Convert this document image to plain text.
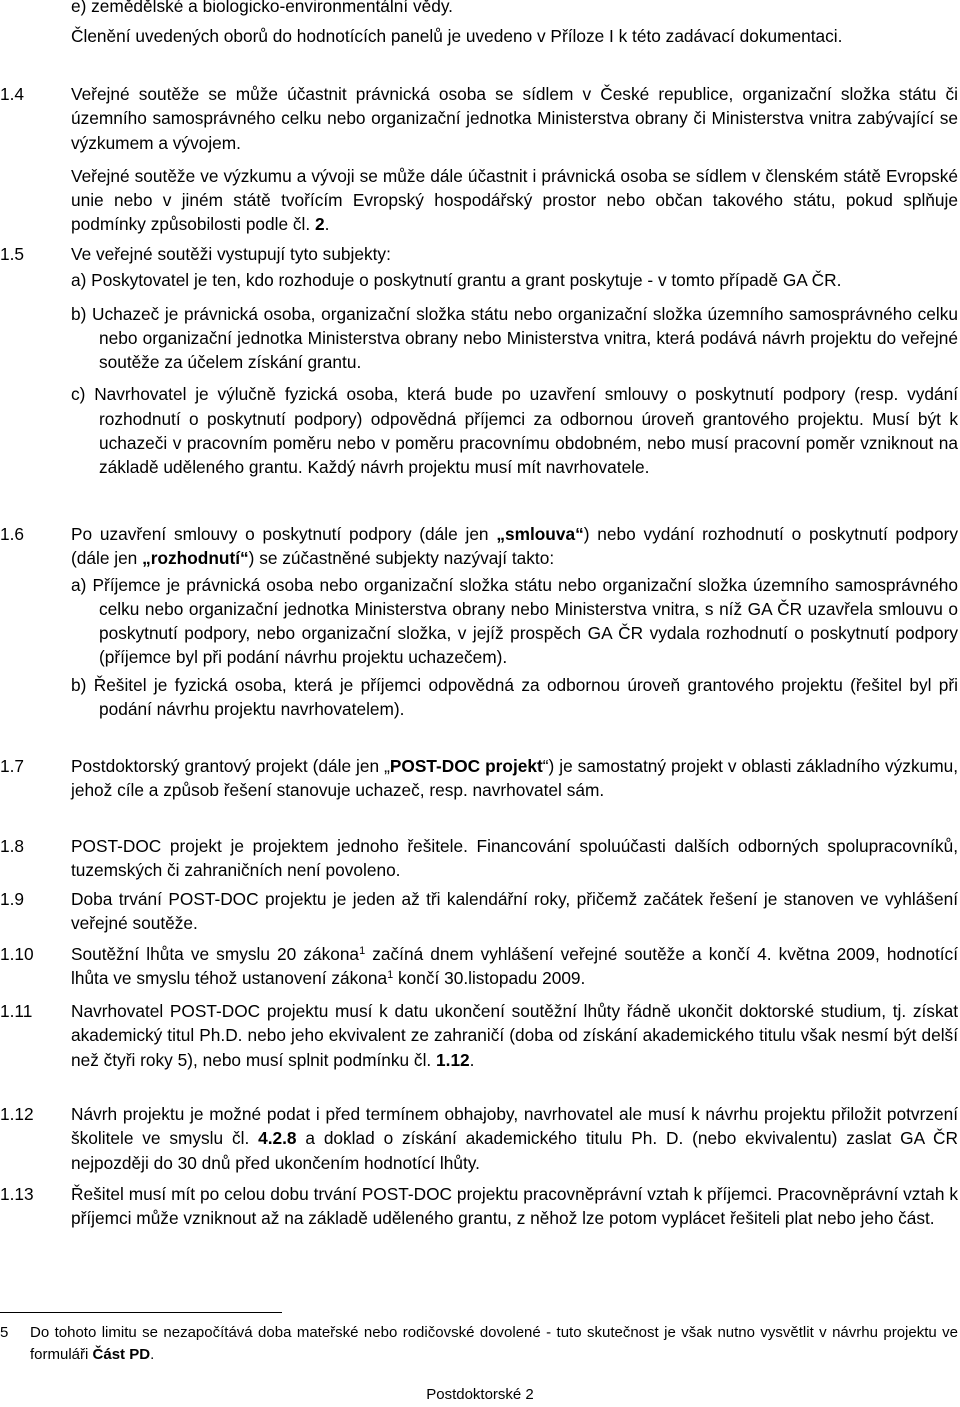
e) zemědělské a biologicko-environmentální vědy.
Členění uvedených oborů do hodnotících panelů je uvedeno v Příloze I k této zadávací dokumentaci.
1.4	Veřejné soutěže se může účastnit právnická osoba se sídlem v České republice, organizační složka státu či územního samosprávného celku nebo organizační jednotka Ministerstva obrany či Ministerstva vnitra zabývající se výzkumem a vývojem.
Veřejné soutěže ve výzkumu a vývoji se může dále účastnit i právnická osoba se sídlem v členském státě Evropské unie nebo v jiném státě tvořícím Evropský hospodářský prostor nebo občan takového státu, pokud splňuje podmínky způsobilosti podle čl. 2.
1.5	Ve veřejné soutěži vystupují tyto subjekty:
a) Poskytovatel je ten, kdo rozhoduje o poskytnutí grantu a grant poskytuje - v tomto případě GA ČR.
b) Uchazeč je právnická osoba, organizační složka státu nebo organizační složka územního samosprávného celku nebo organizační jednotka Ministerstva obrany nebo Ministerstva vnitra, která podává návrh projektu do veřejné soutěže za účelem získání grantu.
c) Navrhovatel je výlučně fyzická osoba, která bude po uzavření smlouvy o poskytnutí podpory (resp. vydání rozhodnutí o poskytnutí podpory) odpovědná příjemci za odbornou úroveň grantového projektu. Musí být k uchazeči v pracovním poměru nebo v poměru pracovnímu obdobném, nebo musí pracovní poměr vzniknout na základě uděleného grantu. Každý návrh projektu musí mít navrhovatele.
1.6	Po uzavření smlouvy o poskytnutí podpory (dále jen „smlouva“) nebo vydání rozhodnutí o poskytnutí podpory (dále jen „rozhodnutí“) se zúčastněné subjekty nazývají takto:
a) Příjemce je právnická osoba nebo organizační složka státu nebo organizační složka územního samosprávného celku nebo organizační jednotka Ministerstva obrany nebo Ministerstva vnitra, s níž GA ČR uzavřela smlouvu o poskytnutí podpory, nebo organizační složka, v jejíž prospěch GA ČR vydala rozhodnutí o poskytnutí podpory (příjemce byl při podání návrhu projektu uchazečem).
b) Řešitel je fyzická osoba, která je příjemci odpovědná za odbornou úroveň grantového projektu (řešitel byl při podání návrhu projektu navrhovatelem).
1.7	Postdoktorský grantový projekt (dále jen „POST-DOC projekt“) je samostatný projekt v oblasti základního výzkumu, jehož cíle a způsob řešení stanovuje uchazeč, resp. navrhovatel sám.
1.8	POST-DOC projekt je projektem jednoho řešitele. Financování spoluúčasti dalších odborných spolupracovníků, tuzemských či zahraničních není povoleno.
1.9	Doba trvání POST-DOC projektu je jeden až tři kalendářní roky, přičemž začátek řešení je stanoven ve vyhlášení veřejné soutěže.
1.10 Soutěžní lhůta ve smyslu 20 zákona$^1$ začíná dnem vyhlášení veřejné soutěže a končí 4. května 2009, hodnotící lhůta ve smyslu téhož ustanovení zákona$^1$ končí 30.listopadu 2009.
1.11 Navrhovatel POST-DOC projektu musí k datu ukončení soutěžní lhůty řádně ukončit doktorské studium, tj. získat akademický titul Ph.D. nebo jeho ekvivalent ze zahraničí (doba od získání akademického titulu však nesmí být delší než čtyři roky 5), nebo musí splnit podmínku čl. 1.12.
1.12 Návrh projektu je možné podat i před termínem obhajoby, navrhovatel ale musí k návrhu projektu přiložit potvrzení školitele ve smyslu čl. 4.2.8 a doklad o získání akademického titulu Ph. D. (nebo ekvivalentu) zaslat GA ČR nejpozději do 30 dnů před ukončením hodnotící lhůty.
1.13 Řešitel musí mít po celou dobu trvání POST-DOC projektu pracovněprávní vztah k příjemci. Pracovněprávní vztah k příjemci může vzniknout až na základě uděleného grantu, z něhož lze potom vyplácet řešiteli plat nebo jeho část.
5 Do tohoto limitu se nezapočítává doba mateřské nebo rodičovské dovolené - tuto skutečnost je však nutno vysvětlit v návrhu projektu ve formuláři Část PD.
Postdoktorské 2
